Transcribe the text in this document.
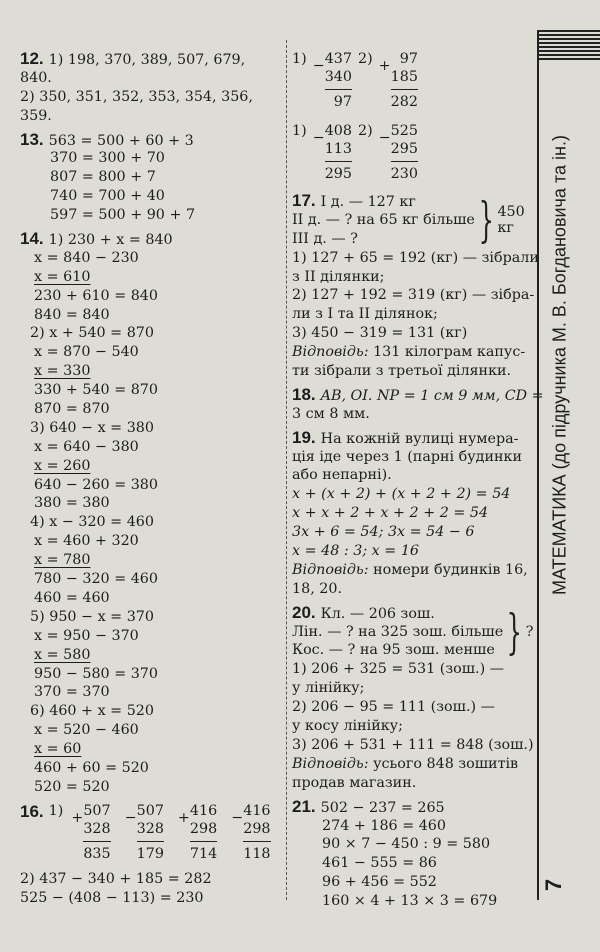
12. 1) 198, 370, 389, 507, 679,
840.
2) 350, 351, 352, 353, 354, 356,
359.
13. 563 = 500 + 60 + 3
370 = 300 + 70
807 = 800 + 7
740 = 700 + 40
597 = 500 + 90 + 7
14. 1) 230 + x = 840
x = 840 − 230
x = 610
230 + 610 = 840
840 = 840
2) x + 540 = 870
x = 870 − 540
x = 330
330 + 540 = 870
870 = 870
3) 640 − x = 380
x = 640 − 380
x = 260
640 − 260 = 380
380 = 380
4) x − 320 = 460
x = 460 + 320
x = 780
780 − 320 = 460
460 = 460
5) 950 − x = 370
x = 950 − 370
x = 580
950 − 580 = 370
370 = 370
6) 460 + x = 520
x = 520 − 460
x = 60
460 + 60 = 520
520 = 520
16. 1) + 507
328
835
− 507
328
179
+ 416
298
714
− 416
298
118
2) 437 − 340 + 185 = 282
525 − (408 − 113) = 230
1) − 437
340
97
2) + 97
185
282
1) − 408
113
295
2) − 525
295
230
17. І д. — 127 кг
ІІ д. — ? на 65 кг більше
ІІІ д. — ?	} 450 кг
1) 127 + 65 = 192 (кг) — зібрали
з ІІ ділянки;
2) 127 + 192 = 319 (кг) — зібра-
ли з І та ІІ ділянок;
3) 450 − 319 = 131 (кг)
Відповідь: 131 кілограм капус-
ти зібрали з третьої ділянки.
18. AB, OI. NP = 1 см 9 мм, CD =
3 см 8 мм.
19. На кожній вулиці нумера-
ція іде через 1 (парні будинки
або непарні).
x + (x + 2) + (x + 2 + 2) = 54
x + x + 2 + x + 2 + 2 = 54
3x + 6 = 54; 3x = 54 − 6
x = 48 : 3; x = 16
Відповідь: номери будинків 16,
18, 20.
20. Кл. — 206 зош.
Лін. — ? на 325 зош. більше
Кос. — ? на 95 зош. менше } ?
1) 206 + 325 = 531 (зош.) —
у лінійку;
2) 206 − 95 = 111 (зош.) —
у косу лінійку;
3) 206 + 531 + 111 = 848 (зош.)
Відповідь: усього 848 зошитів
продав магазин.
21. 502 − 237 = 265
274 + 186 = 460
90 × 7 − 450 : 9 = 580
461 − 555 = 86
96 + 456 = 552
160 × 4 + 13 × 3 = 679
МАТЕМАТИКА (до підручника М. В. Богдановича та ін.)
7
